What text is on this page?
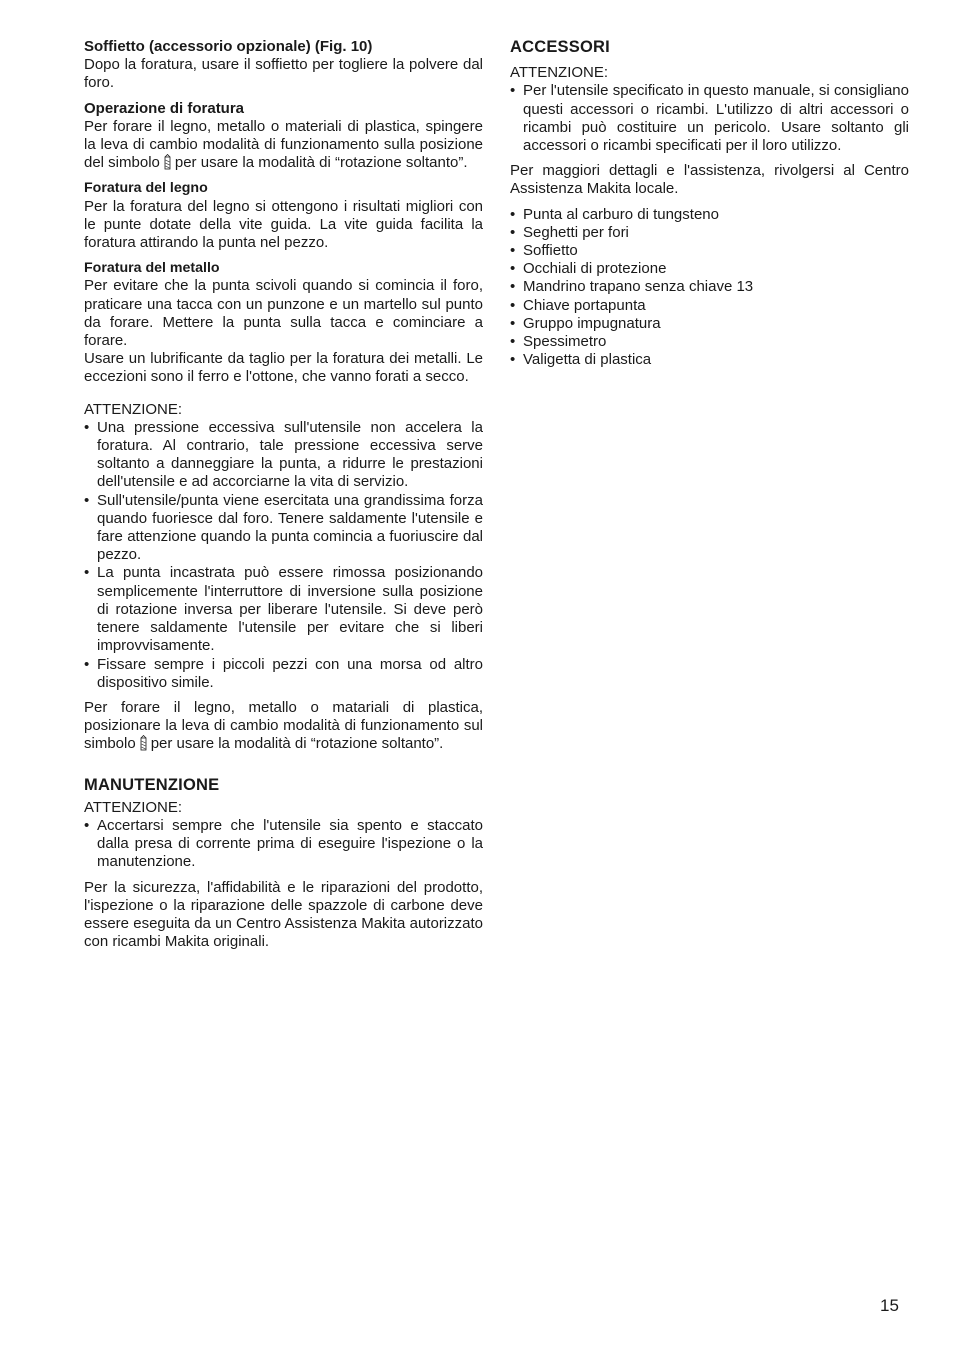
Soffietto (accessorio opzionale) (Fig. 10)

Dopo la foratura, usare il soffietto per togliere la polvere dal foro.

Operazione di foratura

Per forare il legno, metallo o materiali di plastica, spingere la leva di cambio modalità di funzionamento sulla posizione del simbolo per usare la modalità di “rotazione soltanto”.

Foratura del legno

Per la foratura del legno si ottengono i risultati migliori con le punte dotate della vite guida. La vite guida facilita la foratura attirando la punta nel pezzo.

Foratura del metallo

Per evitare che la punta scivoli quando si comincia il foro, praticare una tacca con un punzone e un martello sul punto da forare. Mettere la punta sulla tacca e cominciare a forare.

Usare un lubrificante da taglio per la foratura dei metalli. Le eccezioni sono il ferro e l'ottone, che vanno forati a secco.

ATTENZIONE:
• Una pressione eccessiva sull'utensile non accelera la foratura. Al contrario, tale pressione eccessiva serve soltanto a danneggiare la punta, a ridurre le prestazioni dell'utensile e ad accorciarne la vita di servizio.
• Sull'utensile/punta viene esercitata una grandissima forza quando fuoriesce dal foro. Tenere saldamente l'utensile e fare attenzione quando la punta comincia a fuoriuscire dal pezzo.
• La punta incastrata può essere rimossa posizionando semplicemente l'interruttore di inversione sulla posizione di rotazione inversa per liberare l'utensile. Si deve però tenere saldamente l'utensile per evitare che si liberi improvvisamente.
• Fissare sempre i piccoli pezzi con una morsa od altro dispositivo simile.

Per forare il legno, metallo o matariali di plastica, posizionare la leva di cambio modalità di funzionamento sul simbolo per usare la modalità di “rotazione soltanto”.

MANUTENZIONE
ATTENZIONE:
• Accertarsi sempre che l'utensile sia spento e staccato dalla presa di corrente prima di eseguire l'ispezione o la manutenzione.

Per la sicurezza, l'affidabilità e le riparazioni del prodotto, l'ispezione o la riparazione delle spazzole di carbone deve essere eseguita da un Centro Assistenza Makita autorizzato con ricambi Makita originali.

ACCESSORI
ATTENZIONE:
• Per l'utensile specificato in questo manuale, si consigliano questi accessori o ricambi. L'utilizzo di altri accessori o ricambi può costituire un pericolo. Usare soltanto gli accessori o ricambi specificati per il loro utilizzo.

Per maggiori dettagli e l'assistenza, rivolgersi al Centro Assistenza Makita locale.

• Punta al carburo di tungsteno
• Seghetti per fori
• Soffietto
• Occhiali di protezione
• Mandrino trapano senza chiave 13
• Chiave portapunta
• Gruppo impugnatura
• Spessimetro
• Valigetta di plastica
15
